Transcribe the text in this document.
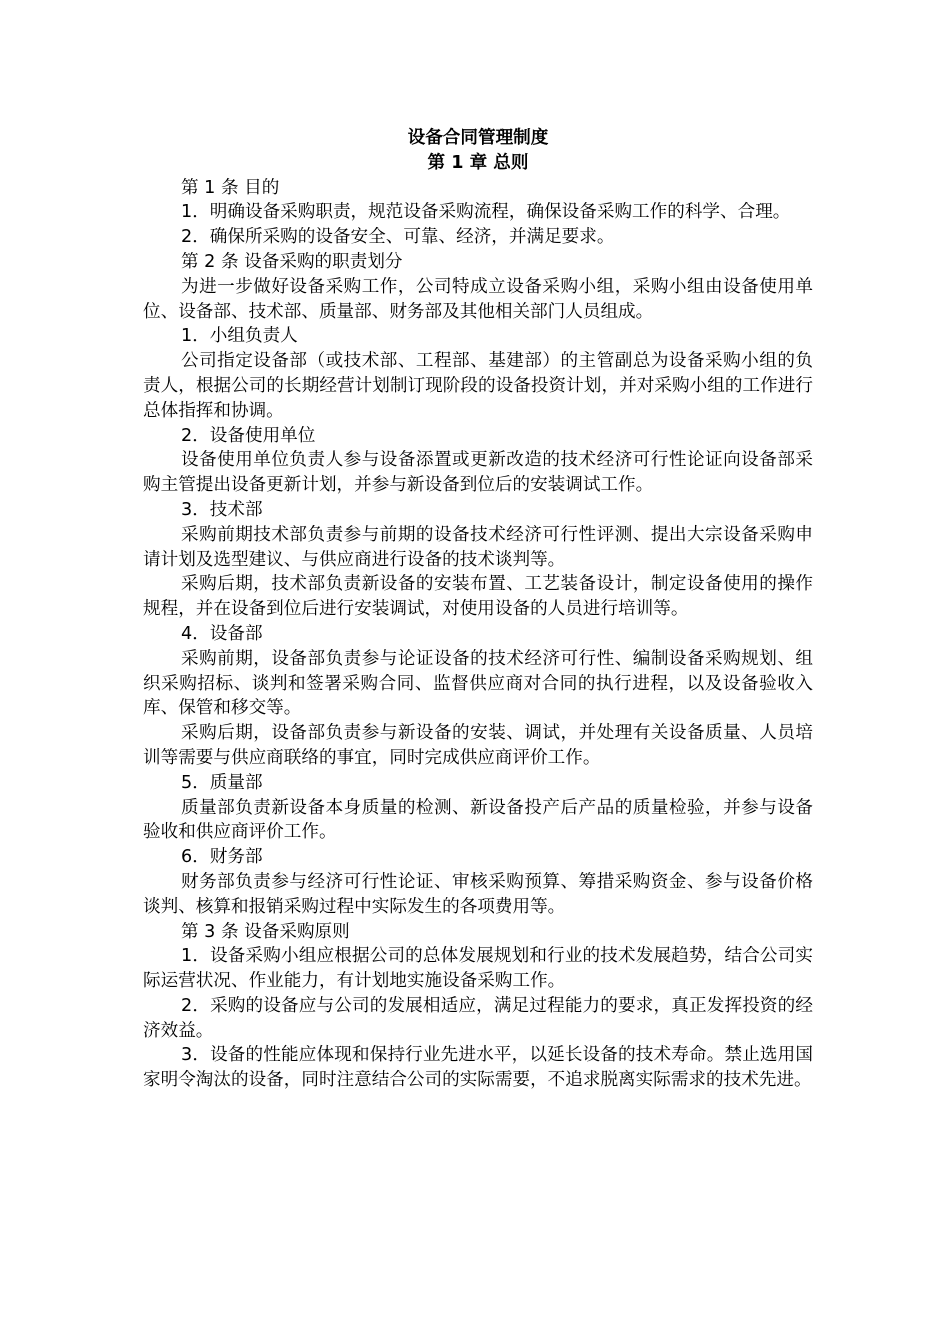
设备合同管理制度

第 1 章 总则

第 1 条 目的

1．明确设备采购职责，规范设备采购流程，确保设备采购工作的科学、合理。

2．确保所采购的设备安全、可靠、经济，并满足要求。

第 2 条 设备采购的职责划分

为进一步做好设备采购工作，公司特成立设备采购小组，采购小组由设备使用单位、设备部、技术部、质量部、财务部及其他相关部门人员组成。

1．小组负责人

公司指定设备部（或技术部、工程部、基建部）的主管副总为设备采购小组的负责人，根据公司的长期经营计划制订现阶段的设备投资计划，并对采购小组的工作进行总体指挥和协调。

2．设备使用单位

设备使用单位负责人参与设备添置或更新改造的技术经济可行性论证向设备部采购主管提出设备更新计划，并参与新设备到位后的安装调试工作。

3．技术部

采购前期技术部负责参与前期的设备技术经济可行性评测、提出大宗设备采购申请计划及选型建议、与供应商进行设备的技术谈判等。

采购后期，技术部负责新设备的安装布置、工艺装备设计，制定设备使用的操作规程，并在设备到位后进行安装调试，对使用设备的人员进行培训等。

4．设备部

采购前期，设备部负责参与论证设备的技术经济可行性、编制设备采购规划、组织采购招标、谈判和签署采购合同、监督供应商对合同的执行进程，以及设备验收入库、保管和移交等。

采购后期，设备部负责参与新设备的安装、调试，并处理有关设备质量、人员培训等需要与供应商联络的事宜，同时完成供应商评价工作。

5．质量部

质量部负责新设备本身质量的检测、新设备投产后产品的质量检验，并参与设备验收和供应商评价工作。

6．财务部

财务部负责参与经济可行性论证、审核采购预算、筹措采购资金、参与设备价格谈判、核算和报销采购过程中实际发生的各项费用等。

第 3 条 设备采购原则

1．设备采购小组应根据公司的总体发展规划和行业的技术发展趋势，结合公司实际运营状况、作业能力，有计划地实施设备采购工作。

2．采购的设备应与公司的发展相适应，满足过程能力的要求，真正发挥投资的经济效益。

3．设备的性能应体现和保持行业先进水平，以延长设备的技术寿命。禁止选用国家明令淘汰的设备，同时注意结合公司的实际需要，不追求脱离实际需求的技术先进。
